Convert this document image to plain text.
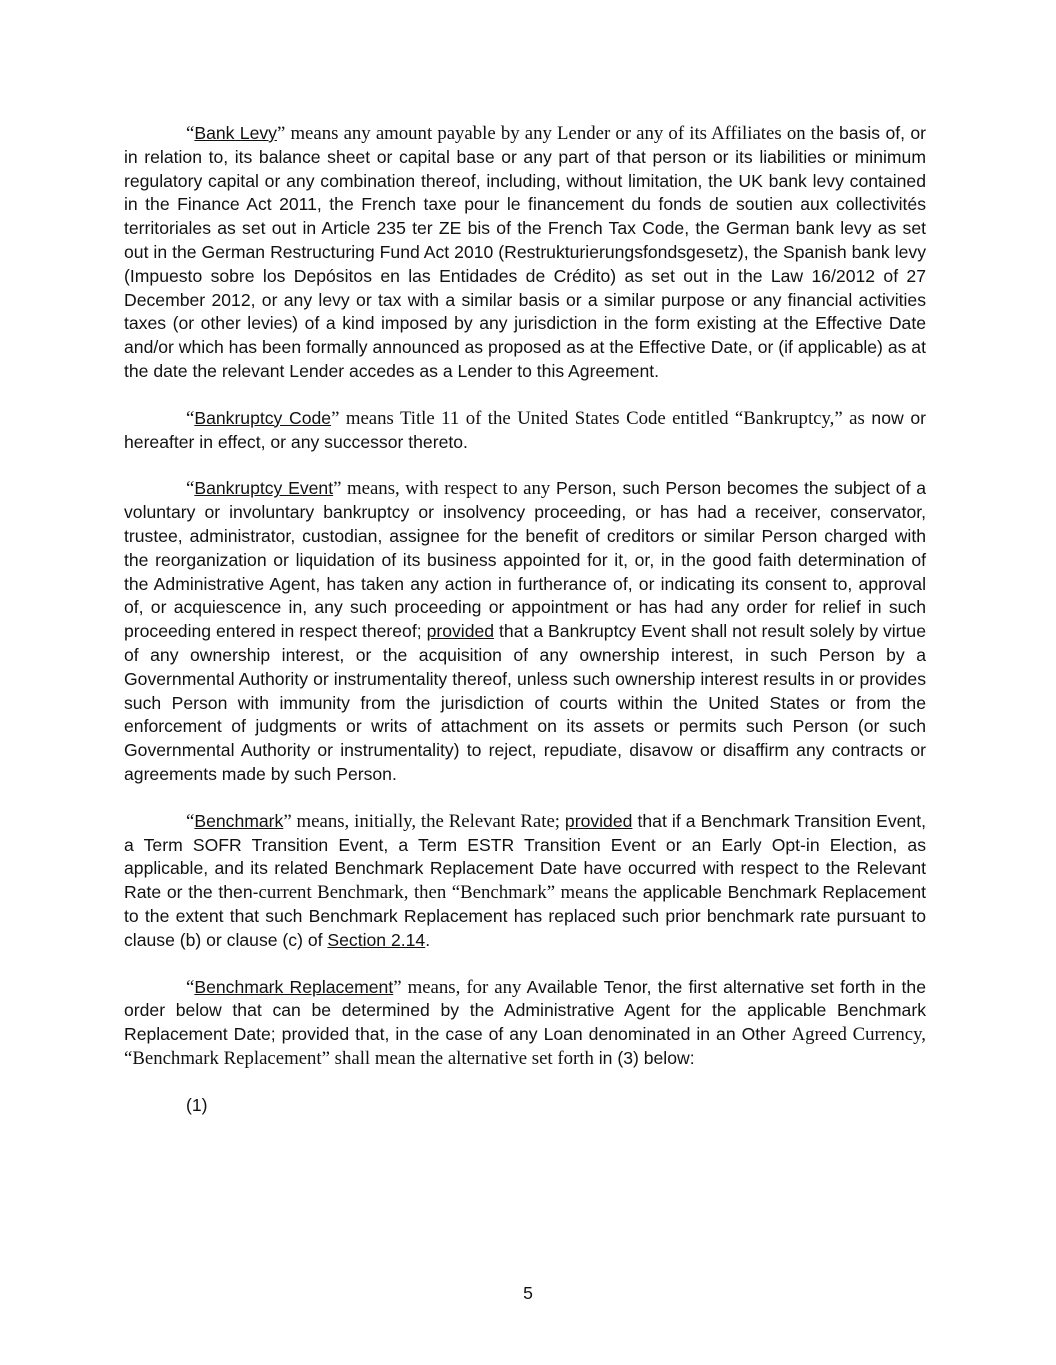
“Bank Levy” means any amount payable by any Lender or any of its Affiliates on the basis of, or in relation to, its balance sheet or capital base or any part of that person or its liabilities or minimum regulatory capital or any combination thereof, including, without limitation, the UK bank levy contained in the Finance Act 2011, the French taxe pour le financement du fonds de soutien aux collectivités territoriales as set out in Article 235 ter ZE bis of the French Tax Code, the German bank levy as set out in the German Restructuring Fund Act 2010 (Restrukturierungsfondsgesetz), the Spanish bank levy (Impuesto sobre los Depósitos en las Entidades de Crédito) as set out in the Law 16/2012 of 27 December 2012, or any levy or tax with a similar basis or a similar purpose or any financial activities taxes (or other levies) of a kind imposed by any jurisdiction in the form existing at the Effective Date and/or which has been formally announced as proposed as at the Effective Date, or (if applicable) as at the date the relevant Lender accedes as a Lender to this Agreement.

“Bankruptcy Code” means Title 11 of the United States Code entitled “Bankruptcy,” as now or hereafter in effect, or any successor thereto.

“Bankruptcy Event” means, with respect to any Person, such Person becomes the subject of a voluntary or involuntary bankruptcy or insolvency proceeding, or has had a receiver, conservator, trustee, administrator, custodian, assignee for the benefit of creditors or similar Person charged with the reorganization or liquidation of its business appointed for it, or, in the good faith determination of the Administrative Agent, has taken any action in furtherance of, or indicating its consent to, approval of, or acquiescence in, any such proceeding or appointment or has had any order for relief in such proceeding entered in respect thereof; provided that a Bankruptcy Event shall not result solely by virtue of any ownership interest, or the acquisition of any ownership interest, in such Person by a Governmental Authority or instrumentality thereof, unless such ownership interest results in or provides such Person with immunity from the jurisdiction of courts within the United States or from the enforcement of judgments or writs of attachment on its assets or permits such Person (or such Governmental Authority or instrumentality) to reject, repudiate, disavow or disaffirm any contracts or agreements made by such Person.

“Benchmark” means, initially, the Relevant Rate; provided that if a Benchmark Transition Event, a Term SOFR Transition Event, a Term ESTR Transition Event or an Early Opt-in Election, as applicable, and its related Benchmark Replacement Date have occurred with respect to the Relevant Rate or the then-current Benchmark, then “Benchmark” means the applicable Benchmark Replacement to the extent that such Benchmark Replacement has replaced such prior benchmark rate pursuant to clause (b) or clause (c) of Section 2.14.

“Benchmark Replacement” means, for any Available Tenor, the first alternative set forth in the order below that can be determined by the Administrative Agent for the applicable Benchmark Replacement Date; provided that, in the case of any Loan denominated in an Other Agreed Currency, “Benchmark Replacement” shall mean the alternative set forth in (3) below:

(1)

5
